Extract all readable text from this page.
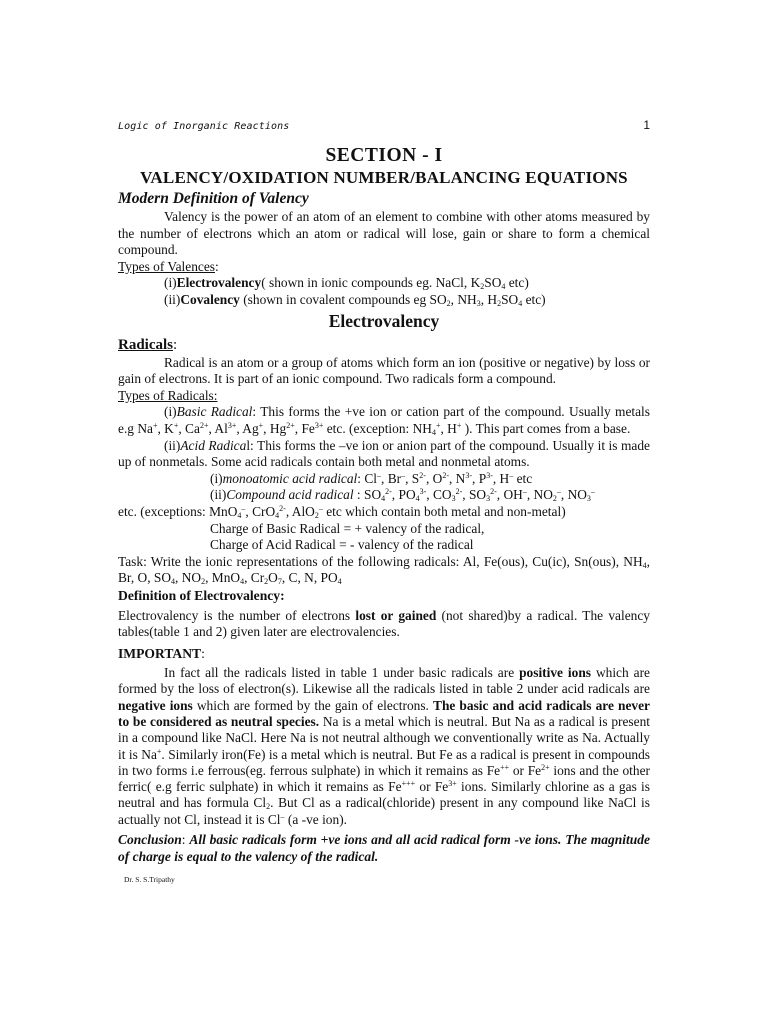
Logic of Inorganic Reactions	1

SECTION - I

VALENCY/OXIDATION NUMBER/BALANCING EQUATIONS

Modern Definition of Valency

Valency is the power of an atom of an element to combine with other atoms measured by the number of electrons which an atom or radical will lose, gain or share to form a chemical compound.

Types of Valences:

(i)Electrovalency( shown in ionic compounds eg. NaCl, $K_2SO_4$ etc)

(ii)Covalency (shown in covalent compounds eg $SO_2$, $NH_3$, $H_2SO_4$ etc)

Electrovalency

Radicals:

Radical is an atom or a group of atoms which form an ion (positive or negative) by loss or gain of electrons. It is part of an ionic compound. Two radicals form a compound.

Types of Radicals:

(i)Basic Radical: This forms the +ve ion or cation part of the compound. Usually metals e.g Na+, K+, $Ca^{2+}$, $Al^{3+}$, Ag+, $Hg^{2+}$, $Fe^{3+}$ etc. (exception: $NH_4^+$, H+ ). This part comes from a base.

(ii)Acid Radical: This forms the –ve ion or anion part of the compound. Usually it is made up of nonmetals. Some acid radicals contain both metal and nonmetal atoms.

(i)monoatomic acid radical: Cl–, Br–, $S^{2-}$, $O^{2-}$, $N^{3-}$, $P^{3-}$, H– etc

(ii)Compound acid radical : $SO_4^{2-}$, $PO_4^{3-}$, $CO_3^{2-}$, $SO_3^{2-}$, OH–, $NO_2^-$, $NO_3^-$

etc. (exceptions: MnO$_4$–, CrO$_4^{2-}$, AlO$_2$– etc which contain both metal and non-metal)

Charge of Basic Radical = + valency of the radical,

Charge of Acid Radical = - valency of the radical

Task: Write the ionic representations of the following radicals: Al, Fe(ous), Cu(ic), Sn(ous), $NH_4$, Br, O, $SO_4$, $NO_2$, MnO$_4$, $Cr_2O_7$, C, N, $PO_4$

Definition of Electrovalency:

Electrovalency is the number of electrons lost or gained (not shared)by a radical. The valency tables(table 1 and 2) given later are electrovalencies.

IMPORTANT:

In fact all the radicals listed in table 1 under basic radicals are positive ions which are formed by the loss of electron(s). Likewise all the radicals listed in table 2 under acid radicals are negative ions which are formed by the gain of electrons. The basic and acid radicals are never to be considered as neutral species. Na is a metal which is neutral. But Na as a radical is present in a compound like NaCl. Here Na is not neutral although we conventionally write as Na. Actually it is Na+. Similarly iron(Fe) is a metal which is neutral. But Fe as a radical is present in compounds in two forms i.e ferrous(eg. ferrous sulphate) in which it remains as Fe++ or $Fe^{2+}$ ions and the other ferric( e.g ferric sulphate) in which it remains as Fe+++ or $Fe^{3+}$ ions. Similarly chlorine as a gas is neutral and has formula $Cl_2$. But Cl as a radical(chloride) present in any compound like NaCl is actually not Cl, instead it is Cl– (a -ve ion).

Conclusion: All basic radicals form +ve ions and all acid radical form -ve ions. The magnitude of charge is equal to the valency of the radical.

Dr. S. S.Tripathy
